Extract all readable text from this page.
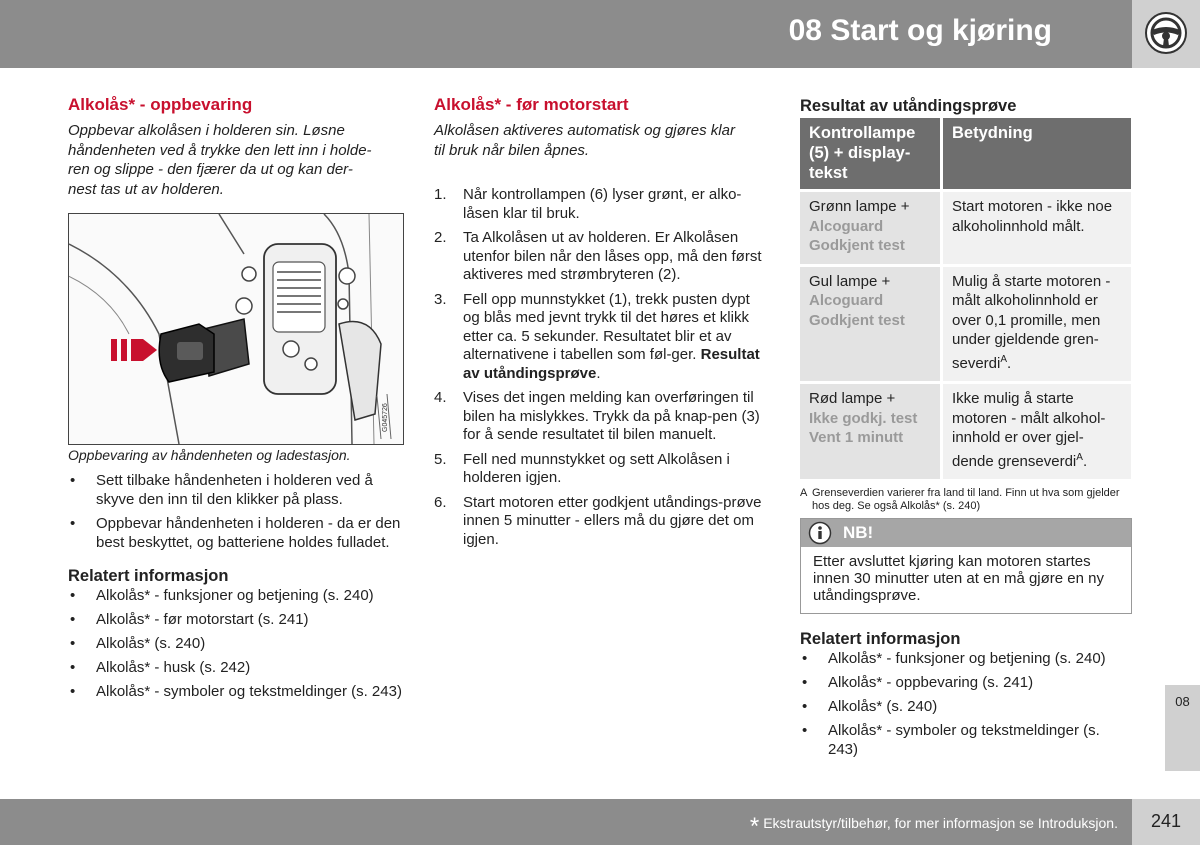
08 Start og kjøring
Alkolås* - oppbevaring
Oppbevar alkolåsen i holderen sin. Løsne
håndenheten ved å trykke den lett inn i holde-
ren og slippe - den fjærer da ut og kan der-
nest tas ut av holderen.
G045726
Oppbevaring av håndenheten og ladestasjon.
• Sett tilbake håndenheten i holderen ved å skyve den inn til den klikker på plass.
• Oppbevar håndenheten i holderen - da er den best beskyttet, og batteriene holdes fulladet.
Relatert informasjon
• Alkolås* - funksjoner og betjening (s. 240)
• Alkolås* - før motorstart (s. 241)
• Alkolås* (s. 240)
• Alkolås* - husk (s. 242)
• Alkolås* - symboler og tekstmeldinger (s. 243)
Alkolås* - før motorstart
Alkolåsen aktiveres automatisk og gjøres klar
til bruk når bilen åpnes.
1. Når kontrollampen (6) lyser grønt, er alko-låsen klar til bruk.
2. Ta Alkolåsen ut av holderen. Er Alkolåsen utenfor bilen når den låses opp, må den først aktiveres med strømbryteren (2).
3. Fell opp munnstykket (1), trekk pusten dypt og blås med jevnt trykk til det høres et klikk etter ca. 5 sekunder. Resultatet blir et av alternativene i tabellen som føl-ger. Resultat av utåndingsprøve.
4. Vises det ingen melding kan overføringen til bilen ha mislykkes. Trykk da på knap-pen (3) for å sende resultatet til bilen manuelt.
5. Fell ned munnstykket og sett Alkolåsen i holderen igjen.
6. Start motoren etter godkjent utåndings-prøve innen 5 minutter - ellers må du gjøre det om igjen.
Resultat av utåndingsprøve
Kontrollampe (5) + display-tekst	Betydning

Grønn lampe +
Alcoguard Godkjent test	Start motoren - ikke noe alkoholinnhold målt.

Gul lampe +
Alcoguard Godkjent test	Mulig å starte motoren - målt alkoholinnhold er over 0,1 promille, men under gjeldende gren-severdi$^A$.

Rød lampe +
Ikke godkj. test Vent 1 minutt	Ikke mulig å starte motoren - målt alkohol-innhold er over gjel-dende grenseverdi$^A$.
A Grenseverdien varierer fra land til land. Finn ut hva som gjelder hos deg. Se også Alkolås* (s. 240)
NB!
Etter avsluttet kjøring kan motoren startes innen 30 minutter uten at en må gjøre en ny utåndingsprøve.
Relatert informasjon
• Alkolås* - funksjoner og betjening (s. 240)
• Alkolås* - oppbevaring (s. 241)
• Alkolås* (s. 240)
• Alkolås* - symboler og tekstmeldinger (s. 243)
08
* Ekstrautstyr/tilbehør, for mer informasjon se Introduksjon.	241
